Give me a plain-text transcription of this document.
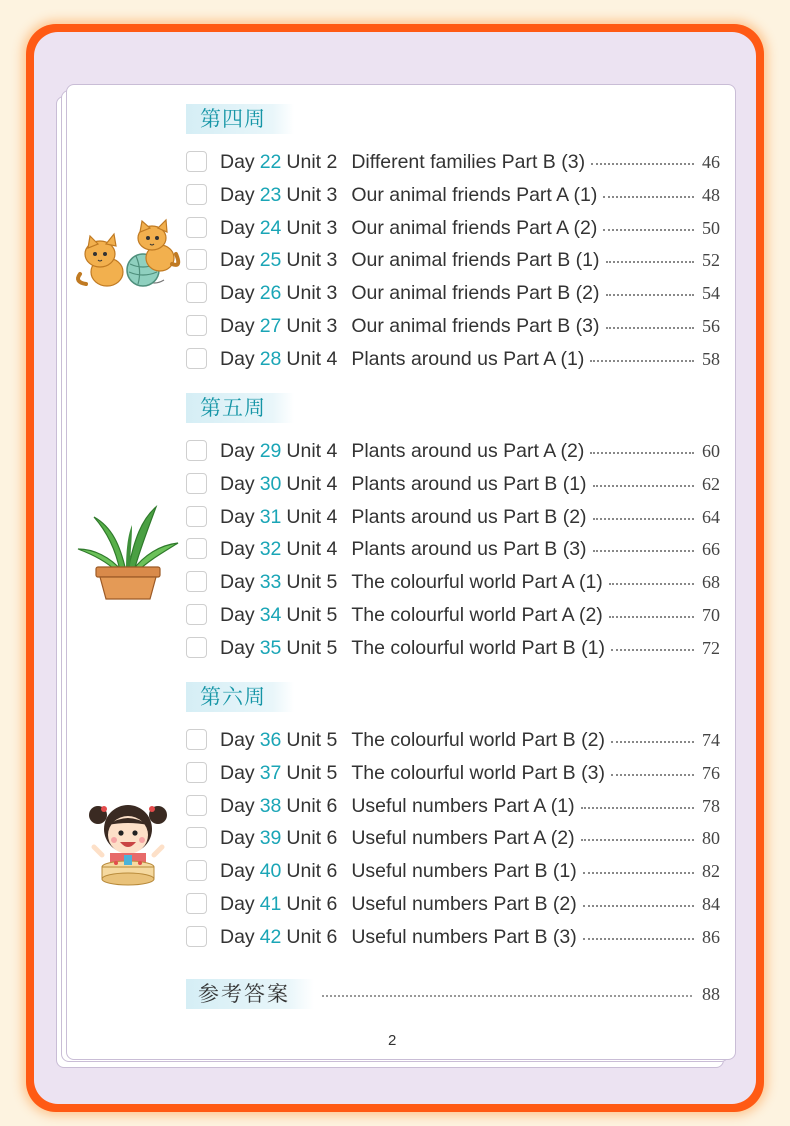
第四周
Day 22 Unit 2 Different families Part B (3)	46
Day 23 Unit 3 Our animal friends Part A (1)	48
Day 24 Unit 3 Our animal friends Part A (2)	50
Day 25 Unit 3 Our animal friends Part B (1)	52
Day 26 Unit 3 Our animal friends Part B (2)	54
Day 27 Unit 3 Our animal friends Part B (3)	56
Day 28 Unit 4 Plants around us Part A (1)	58
第五周
Day 29 Unit 4 Plants around us Part A (2)	60
Day 30 Unit 4 Plants around us Part B (1)	62
Day 31 Unit 4 Plants around us Part B (2)	64
Day 32 Unit 4 Plants around us Part B (3)	66
Day 33 Unit 5 The colourful world Part A (1)	68
Day 34 Unit 5 The colourful world Part A (2)	70
Day 35 Unit 5 The colourful world Part B (1)	72
第六周
Day 36 Unit 5 The colourful world Part B (2)	74
Day 37 Unit 5 The colourful world Part B (3)	76
Day 38 Unit 6 Useful numbers Part A (1)	78
Day 39 Unit 6 Useful numbers Part A (2)	80
Day 40 Unit 6 Useful numbers Part B (1)	82
Day 41 Unit 6 Useful numbers Part B (2)	84
Day 42 Unit 6 Useful numbers Part B (3)	86
参考答案	88
2
